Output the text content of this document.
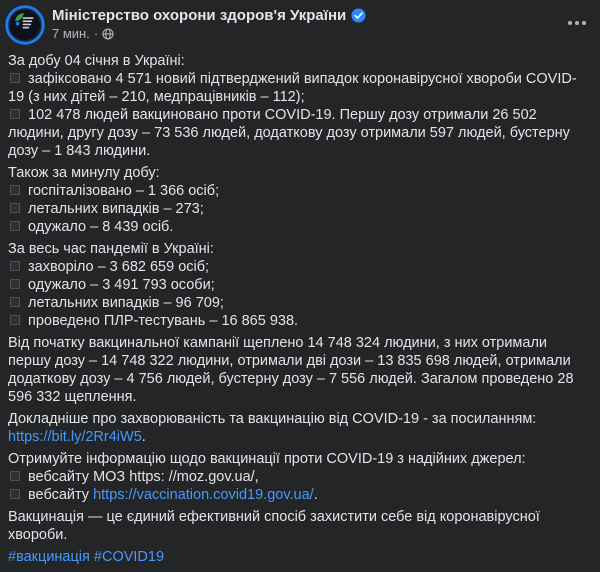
Міністерство охорони здоров'я України
7 мин. ·
За добу 04 січня в Україні:
зафіксовано 4 571 новий підтверджений випадок коронавірусної хвороби COVID-19 (з них дітей – 210, медпрацівників – 112);
102 478 людей вакциновано проти COVID-19. Першу дозу отримали 26 502 людини, другу дозу – 73 536 людей, додаткову дозу отримали 597 людей, бустерну дозу – 1 843 людини.
Також за минулу добу:
госпіталізовано – 1 366 осіб;
летальних випадків – 273;
одужало – 8 439 осіб.
За весь час пандемії в Україні:
захворіло – 3 682 659 осіб;
одужало – 3 491 793 особи;
летальних випадків – 96 709;
проведено ПЛР-тестувань – 16 865 938.
Від початку вакцинальної кампанії щеплено 14 748 324 людини, з них отримали першу дозу – 14 748 322 людини, отримали дві дози – 13 835 698 людей, отримали додаткову дозу – 4 756 людей, бустерну дозу – 7 556 людей. Загалом проведено 28 596 332 щеплення.
Докладніше про захворюваність та вакцинацію від COVID-19 - за посиланням:
https://bit.ly/2Rr4iW5.
Отримуйте інформацію щодо вакцинації проти COVID-19 з надійних джерел:
вебсайту МОЗ https: //moz.gov.ua/,
вебсайту https://vaccination.covid19.gov.ua/.
Вакцинація — це єдиний ефективний спосіб захистити себе від коронавірусної хвороби.
#вакцинація #COVID19
